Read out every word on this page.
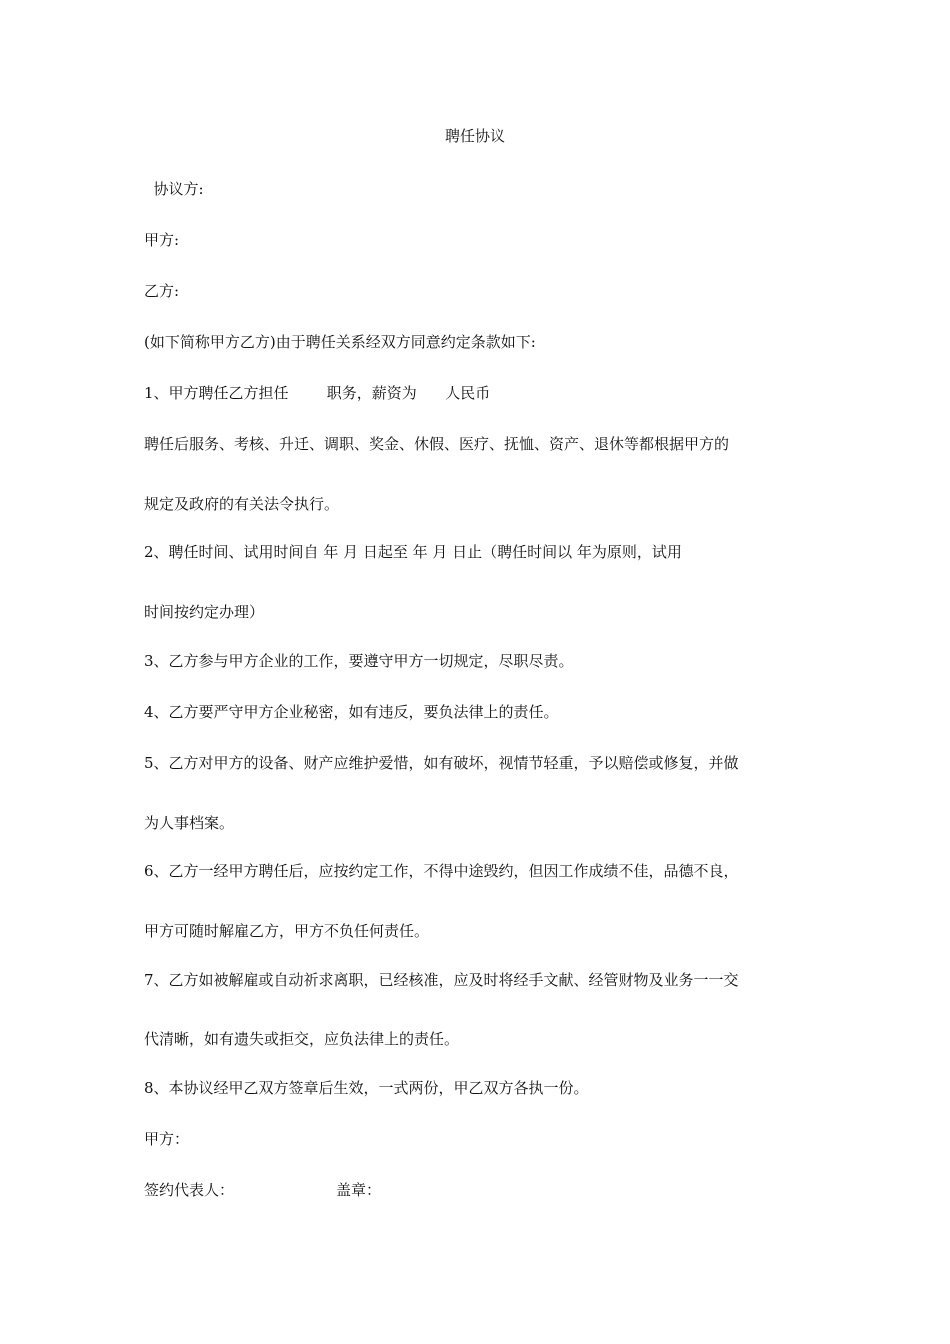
聘任协议
协议方:
甲方:
乙方:
(如下简称甲方乙方)由于聘任关系经双方同意约定条款如下:
1、甲方聘任乙方担任        职务，薪资为      人民币
聘任后服务、考核、升迁、调职、奖金、休假、医疗、抚恤、资产、退休等都根据甲方的
规定及政府的有关法令执行。
2、聘任时间、试用时间自 年 月 日起至 年 月 日止（聘任时间以 年为原则，试用
时间按约定办理）
3、乙方参与甲方企业的工作，要遵守甲方一切规定，尽职尽责。
4、乙方要严守甲方企业秘密，如有违反，要负法律上的责任。
5、乙方对甲方的设备、财产应维护爱惜，如有破坏，视情节轻重，予以赔偿或修复，并做
为人事档案。
6、乙方一经甲方聘任后，应按约定工作，不得中途毁约，但因工作成绩不佳，品德不良，
甲方可随时解雇乙方，甲方不负任何责任。
7、乙方如被解雇或自动祈求离职，已经核准，应及时将经手文献、经管财物及业务一一交
代清晰，如有遗失或拒交，应负法律上的责任。
8、本协议经甲乙双方签章后生效，一式两份，甲乙双方各执一份。
甲方：
签约代表人：	盖章：
